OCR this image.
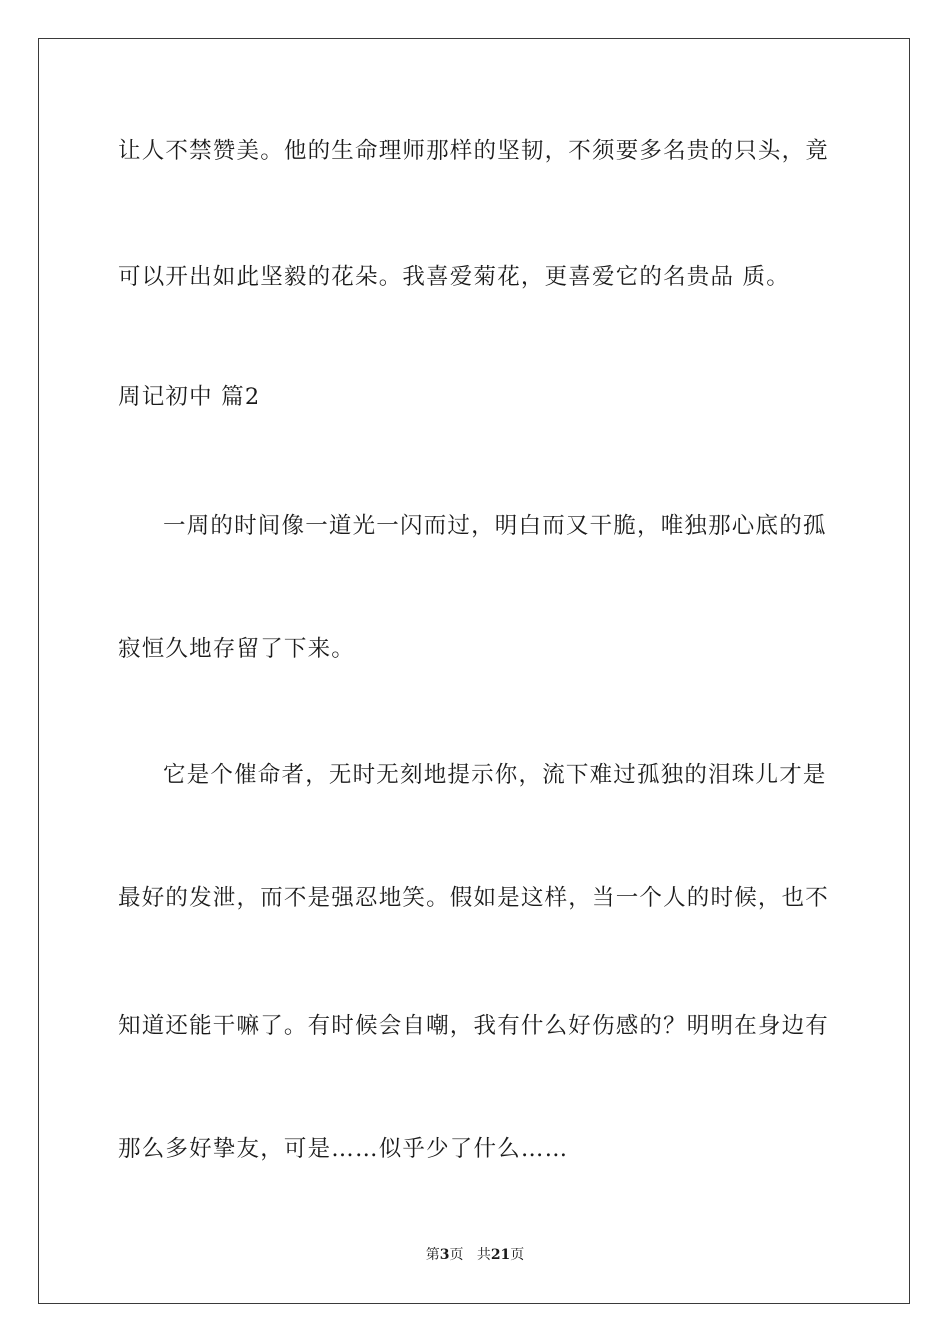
让人不禁赞美。他的生命理师那样的坚韧，不须要多名贵的只头，竟
可以开出如此坚毅的花朵。我喜爱菊花，更喜爱它的名贵品 质。
周记初中 篇2
一周的时间像一道光一闪而过，明白而又干脆，唯独那心底的孤
寂恒久地存留了下来。
它是个催命者，无时无刻地提示你，流下难过孤独的泪珠儿才是
最好的发泄，而不是强忍地笑。假如是这样，当一个人的时候，也不
知道还能干嘛了。有时候会自嘲，我有什么好伤感的？明明在身边有
那么多好挚友，可是……似乎少了什么……
第3页 共21页
